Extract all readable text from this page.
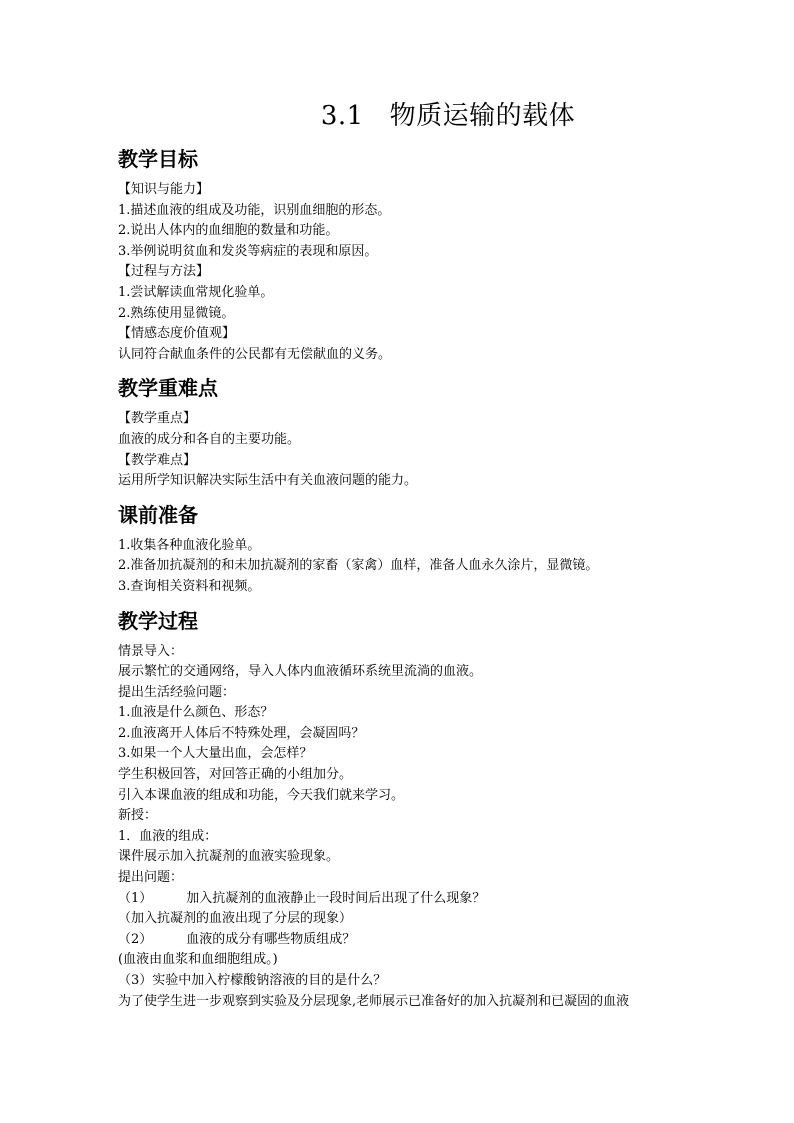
3.1 物质运输的载体
教学目标
【知识与能力】
1.描述血液的组成及功能，识别血细胞的形态。
2.说出人体内的血细胞的数量和功能。
3.举例说明贫血和发炎等病症的表现和原因。
【过程与方法】
1.尝试解读血常规化验单。
2.熟练使用显微镜。
【情感态度价值观】
认同符合献血条件的公民都有无偿献血的义务。
教学重难点
【教学重点】
血液的成分和各自的主要功能。
【教学难点】
运用所学知识解决实际生活中有关血液问题的能力。
课前准备
1.收集各种血液化验单。
2.准备加抗凝剂的和未加抗凝剂的家畜（家禽）血样，准备人血永久涂片，显微镜。
3.查询相关资料和视频。
教学过程
情景导入：
展示繁忙的交通网络，导入人体内血液循环系统里流淌的血液。
提出生活经验问题：
1.血液是什么颜色、形态？
2.血液离开人体后不特殊处理，会凝固吗？
3.如果一个人大量出血，会怎样？
学生积极回答，对回答正确的小组加分。
引入本课血液的组成和功能，今天我们就来学习。
新授：
1．血液的组成：
课件展示加入抗凝剂的血液实验现象。
提出问题：
（1）	加入抗凝剂的血液静止一段时间后出现了什么现象？
（加入抗凝剂的血液出现了分层的现象）
（2）	血液的成分有哪些物质组成？
(血液由血浆和血细胞组成。)
（3）实验中加入柠檬酸钠溶液的目的是什么？
为了使学生进一步观察到实验及分层现象,老师展示已准备好的加入抗凝剂和已凝固的血液
